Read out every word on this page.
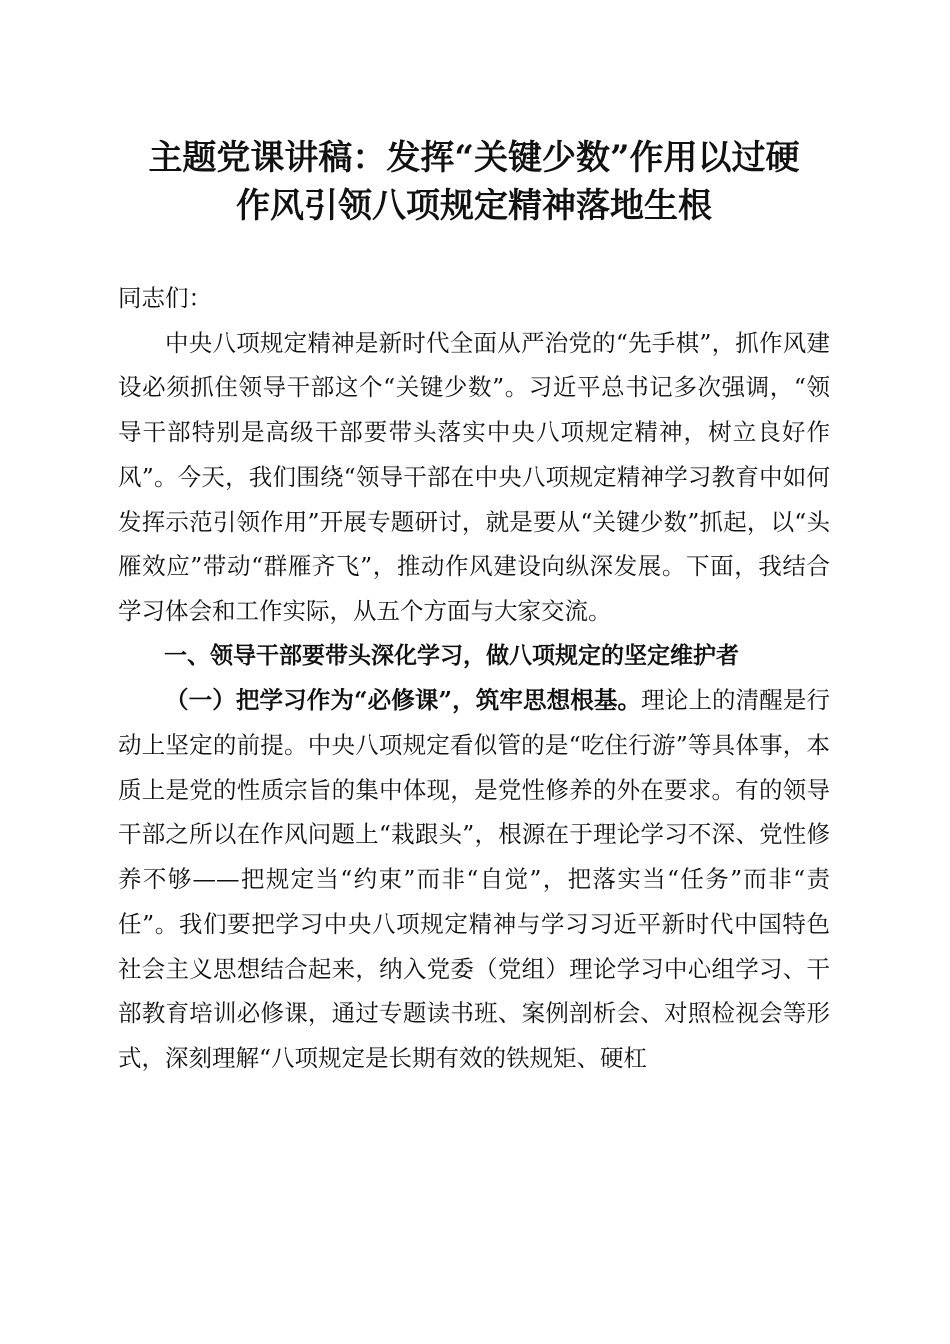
主题党课讲稿：发挥“关键少数”作用以过硬
作风引领八项规定精神落地生根

同志们：

中央八项规定精神是新时代全面从严治党的“先手棋”，抓作风建设必须抓住领导干部这个“关键少数”。习近平总书记多次强调，“领导干部特别是高级干部要带头落实中央八项规定精神，树立良好作风”。今天，我们围绕“领导干部在中央八项规定精神学习教育中如何发挥示范引领作用”开展专题研讨，就是要从“关键少数”抓起，以“头雁效应”带动“群雁齐飞”，推动作风建设向纵深发展。下面，我结合学习体会和工作实际，从五个方面与大家交流。

一、领导干部要带头深化学习，做八项规定的坚定维护者

（一）把学习作为“必修课”，筑牢思想根基。理论上的清醒是行动上坚定的前提。中央八项规定看似管的是“吃住行游”等具体事，本质上是党的性质宗旨的集中体现，是党性修养的外在要求。有的领导干部之所以在作风问题上“栽跟头”，根源在于理论学习不深、党性修养不够——把规定当“约束”而非“自觉”，把落实当“任务”而非“责任”。我们要把学习中央八项规定精神与学习习近平新时代中国特色社会主义思想结合起来，纳入党委（党组）理论学习中心组学习、干部教育培训必修课，通过专题读书班、案例剖析会、对照检视会等形式，深刻理解“八项规定是长期有效的铁规矩、硬杠
